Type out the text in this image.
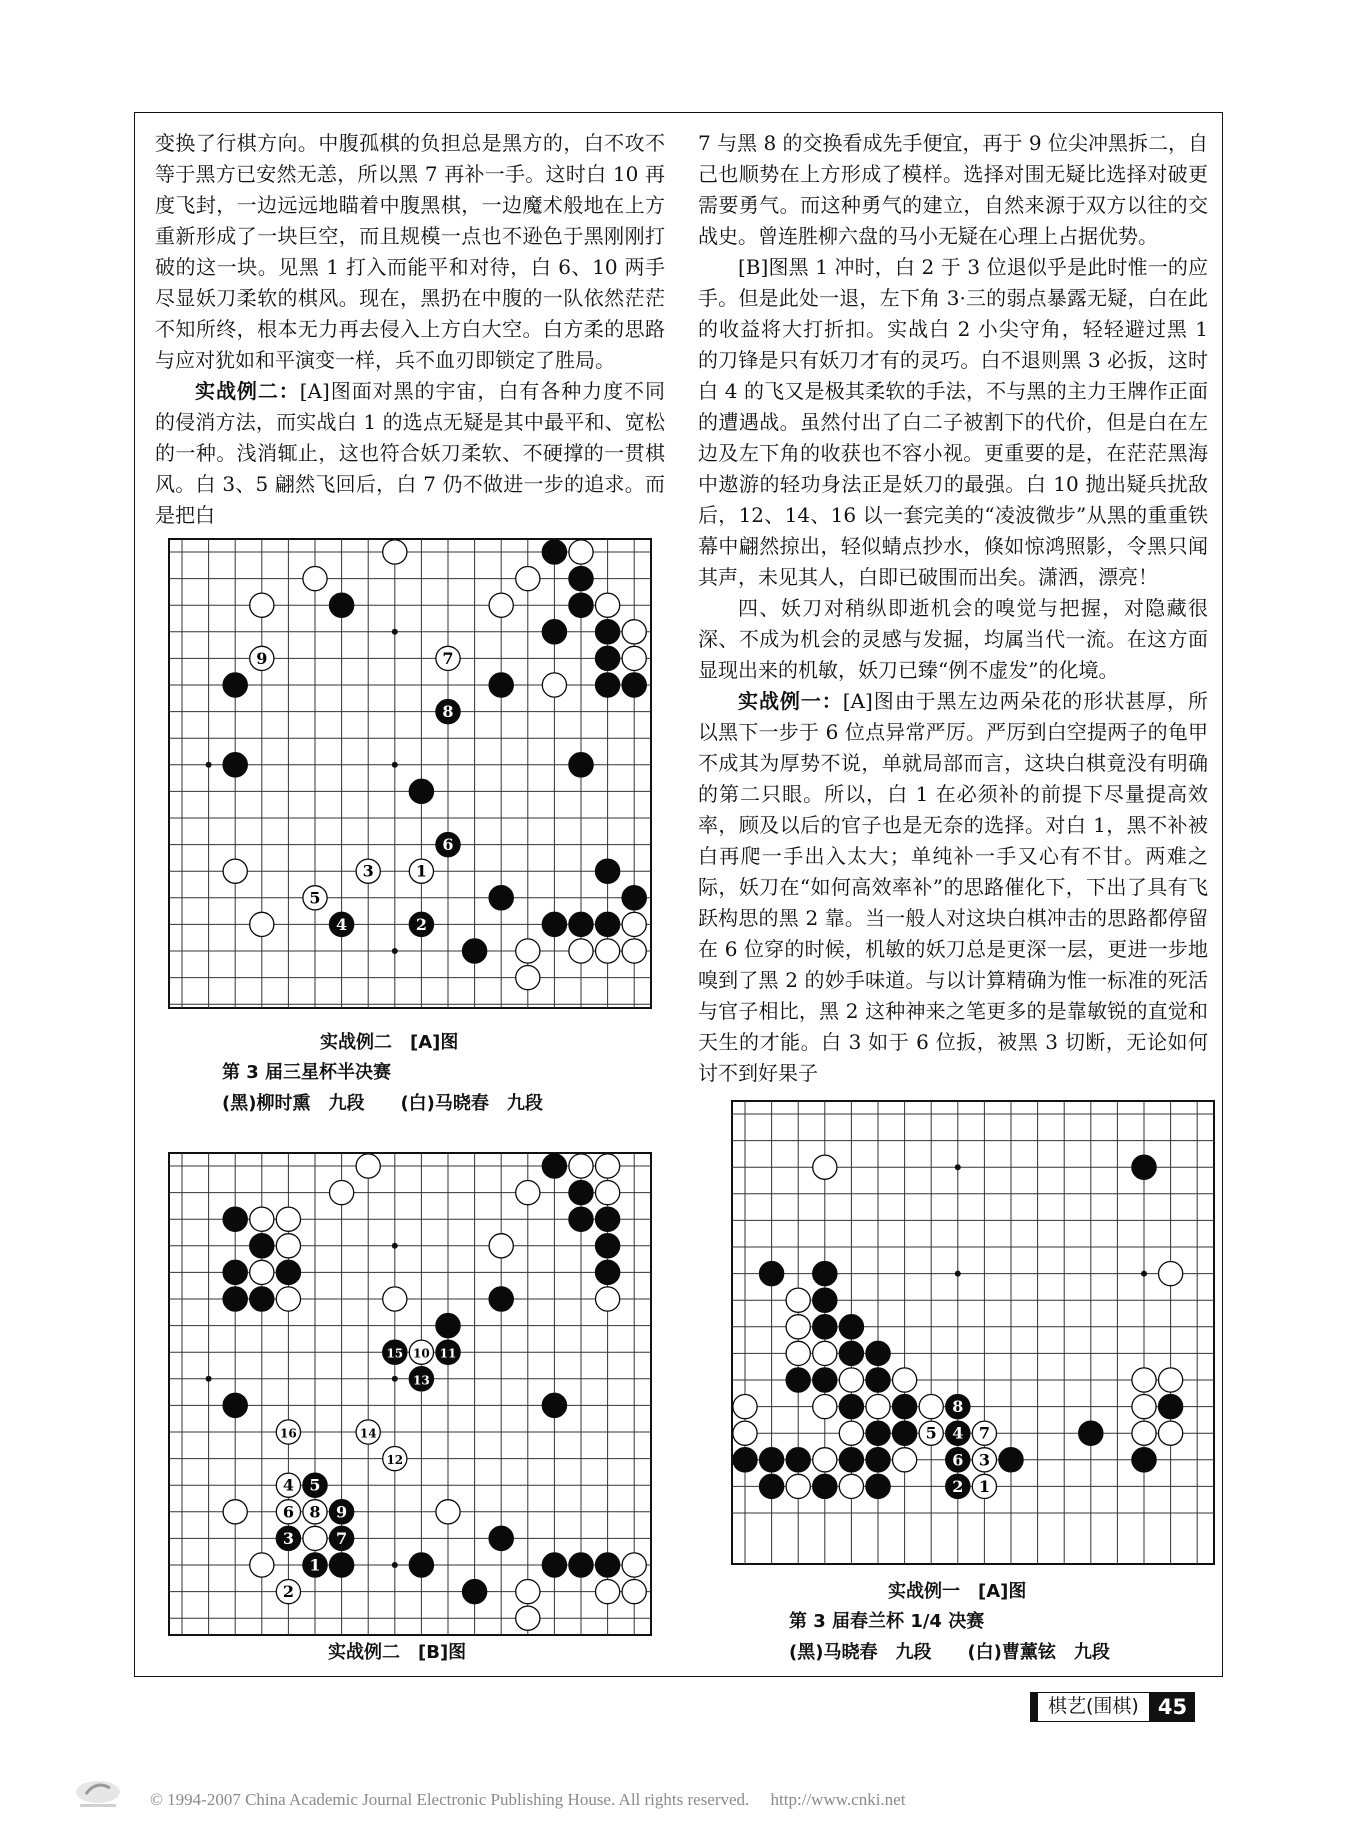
变换了行棋方向。中腹孤棋的负担总是黑方的，白不攻不等于黑方已安然无恙，所以黑 7 再补一手。这时白 10 再度飞封，一边远远地瞄着中腹黑棋，一边魔术般地在上方重新形成了一块巨空，而且规模一点也不逊色于黑刚刚打破的这一块。见黑 1 打入而能平和对待，白 6、10 两手尽显妖刀柔软的棋风。现在，黑扔在中腹的一队依然茫茫不知所终，根本无力再去侵入上方白大空。白方柔的思路与应对犹如和平演变一样，兵不血刃即锁定了胜局。

实战例二：[A]图面对黑的宇宙，白有各种力度不同的侵消方法，而实战白 1 的选点无疑是其中最平和、宽松的一种。浅消辄止，这也符合妖刀柔软、不硬撑的一贯棋风。白 3、5 翩然飞回后，白 7 仍不做进一步的追求。而是把白

7 与黑 8 的交换看成先手便宜，再于 9 位尖冲黑拆二，自己也顺势在上方形成了模样。选择对围无疑比选择对破更需要勇气。而这种勇气的建立，自然来源于双方以往的交战史。曾连胜柳六盘的马小无疑在心理上占据优势。

[B]图黑 1 冲时，白 2 于 3 位退似乎是此时惟一的应手。但是此处一退，左下角 3·三的弱点暴露无疑，白在此的收益将大打折扣。实战白 2 小尖守角，轻轻避过黑 1 的刀锋是只有妖刀才有的灵巧。白不退则黑 3 必扳，这时白 4 的飞又是极其柔软的手法，不与黑的主力王牌作正面的遭遇战。虽然付出了白二子被割下的代价，但是白在左边及左下角的收获也不容小视。更重要的是，在茫茫黑海中遨游的轻功身法正是妖刀的最强。白 10 抛出疑兵扰敌后，12、14、16 以一套完美的“凌波微步”从黑的重重铁幕中翩然掠出，轻似蜻点抄水，倏如惊鸿照影，令黑只闻其声，未见其人，白即已破围而出矣。潇洒，漂亮！

四、妖刀对稍纵即逝机会的嗅觉与把握，对隐藏很深、不成为机会的灵感与发掘，均属当代一流。在这方面显现出来的机敏，妖刀已臻“例不虚发”的化境。

实战例一：[A]图由于黑左边两朵花的形状甚厚，所以黑下一步于 6 位点异常严厉。严厉到白空提两子的龟甲不成其为厚势不说，单就局部而言，这块白棋竟没有明确的第二只眼。所以，白 1 在必须补的前提下尽量提高效率，顾及以后的官子也是无奈的选择。对白 1，黑不补被白再爬一手出入太大；单纯补一手又心有不甘。两难之际，妖刀在“如何高效率补”的思路催化下，下出了具有飞跃构思的黑 2 靠。当一般人对这块白棋冲击的思路都停留在 6 位穿的时候，机敏的妖刀总是更深一层，更进一步地嗅到了黑 2 的妙手味道。与以计算精确为惟一标准的死活与官子相比，黑 2 这种神来之笔更多的是靠敏锐的直觉和天生的才能。白 3 如于 6 位扳，被黑 3 切断，无论如何讨不到好果子

9	7
8
6
3	1
5
4	2
实战例二　[A]图
第 3 届三星杯半决赛
(黑)柳时熏　九段　　(白)马晓春　九段
15 10 11
13
16	14
12
4 5
6 8 9
3	7
1
2
实战例二　[B]图
8
5 4 7
6 3
2 1
实战例一　[A]图
第 3 届春兰杯 1/4 决赛
(黑)马晓春　九段　　(白)曹薰铉　九段
棋艺(围棋) 45
© 1994-2007 China Academic Journal Electronic Publishing House. All rights reserved.　 http://www.cnki.net
